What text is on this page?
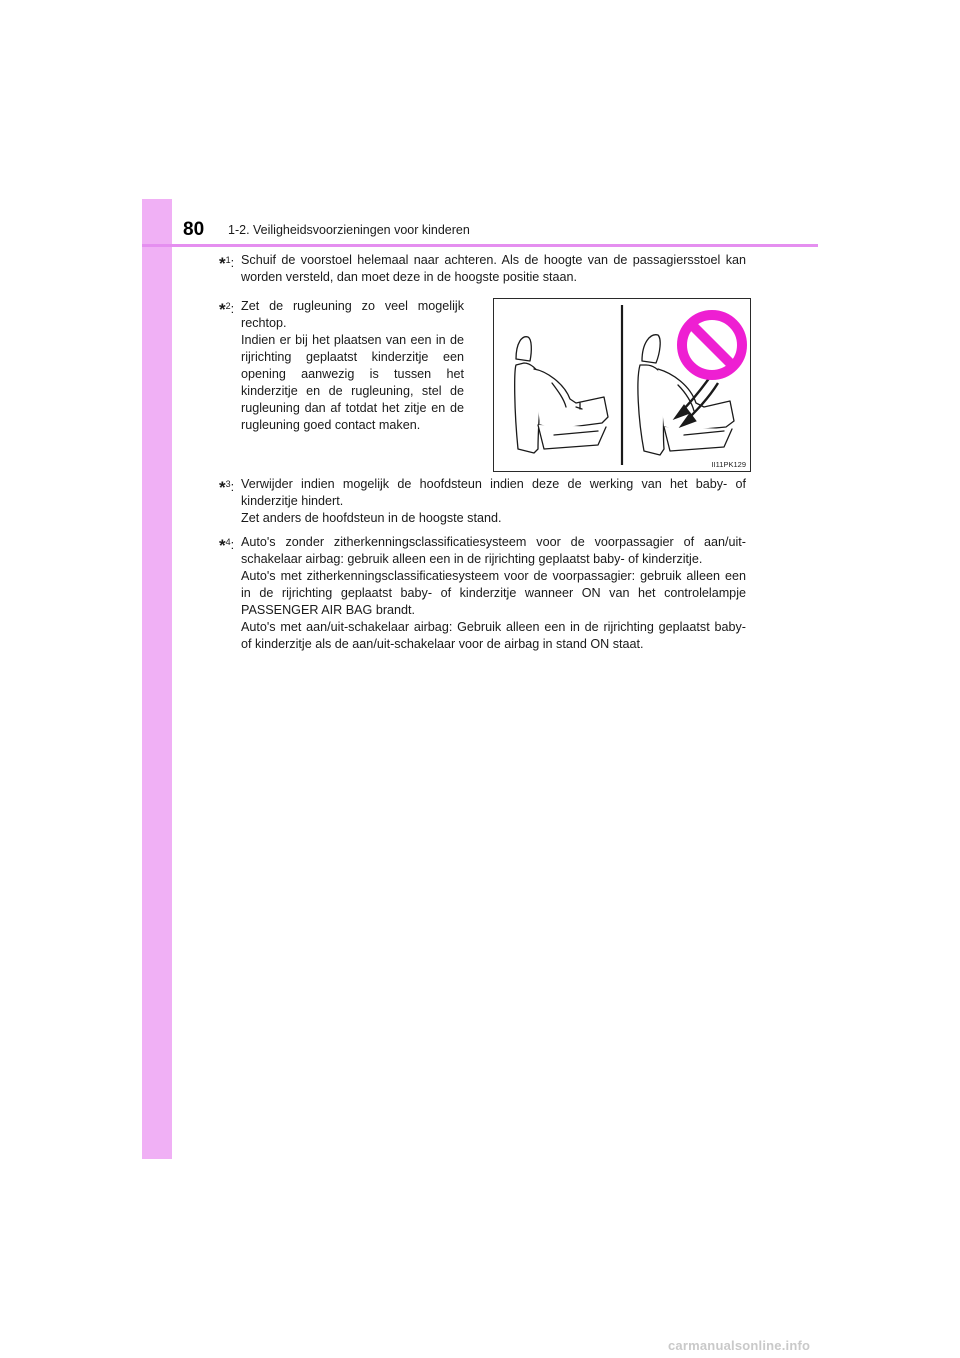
80 1-2. Veiligheidsvoorzieningen voor kinderen
*$^1$: Schuif de voorstoel helemaal naar achteren. Als de hoogte van de passagiersstoel kan worden versteld, dan moet deze in de hoogste positie staan.

*$^2$: Zet de rugleuning zo veel mogelijk rechtop.

Indien er bij het plaatsen van een in de rijrichting geplaatst kinderzitje een opening aanwezig is tussen het kinderzitje en de rugleuning, stel de rugleuning dan af totdat het zitje en de rugleuning goed contact maken.

II11PK129
*$^3$: Verwijder indien mogelijk de hoofdsteun indien deze de werking van het baby- of kinderzitje hindert.

Zet anders de hoofdsteun in de hoogste stand.

*$^4$: Auto's zonder zitherkenningsclassificatiesysteem voor de voorpassagier of aan/uit-schakelaar airbag: gebruik alleen een in de rijrichting geplaatst baby- of kinderzitje.

Auto's met zitherkenningsclassificatiesysteem voor de voorpassagier: gebruik alleen een in de rijrichting geplaatst baby- of kinderzitje wanneer ON van het controlelampje PASSENGER AIR BAG brandt.

Auto's met aan/uit-schakelaar airbag: Gebruik alleen een in de rijrichting geplaatst baby- of kinderzitje als de aan/uit-schakelaar voor de airbag in stand ON staat.

carmanualsonline.info
